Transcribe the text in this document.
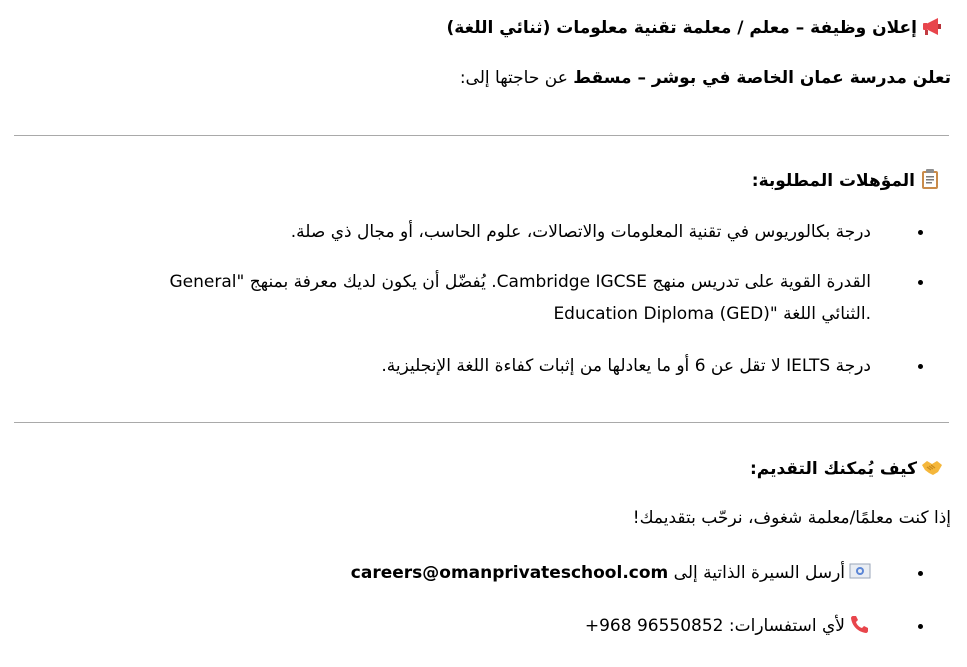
إعلان وظيفة – معلم / معلمة تقنية معلومات (ثنائي اللغة)
تعلن مدرسة عمان الخاصة في بوشر – مسقط عن حاجتها إلى:
المؤهلات المطلوبة:
درجة بكالوريوس في تقنية المعلومات والاتصالات، علوم الحاسب، أو مجال ذي صلة.
القدرة القوية على تدريس منهج Cambridge IGCSE. يُفضّل أن يكون لديك معرفة بمنهج "General
Education Diploma (GED)" الثنائي اللغة.
درجة IELTS لا تقل عن 6 أو ما يعادلها من إثبات كفاءة اللغة الإنجليزية.
كيف يُمكنك التقديم:
إذا كنت معلمًا/معلمة شغوف، نرحّب بتقديمك!
أرسل السيرة الذاتية إلى careers@omanprivateschool.com
لأي استفسارات: +968 96550852
